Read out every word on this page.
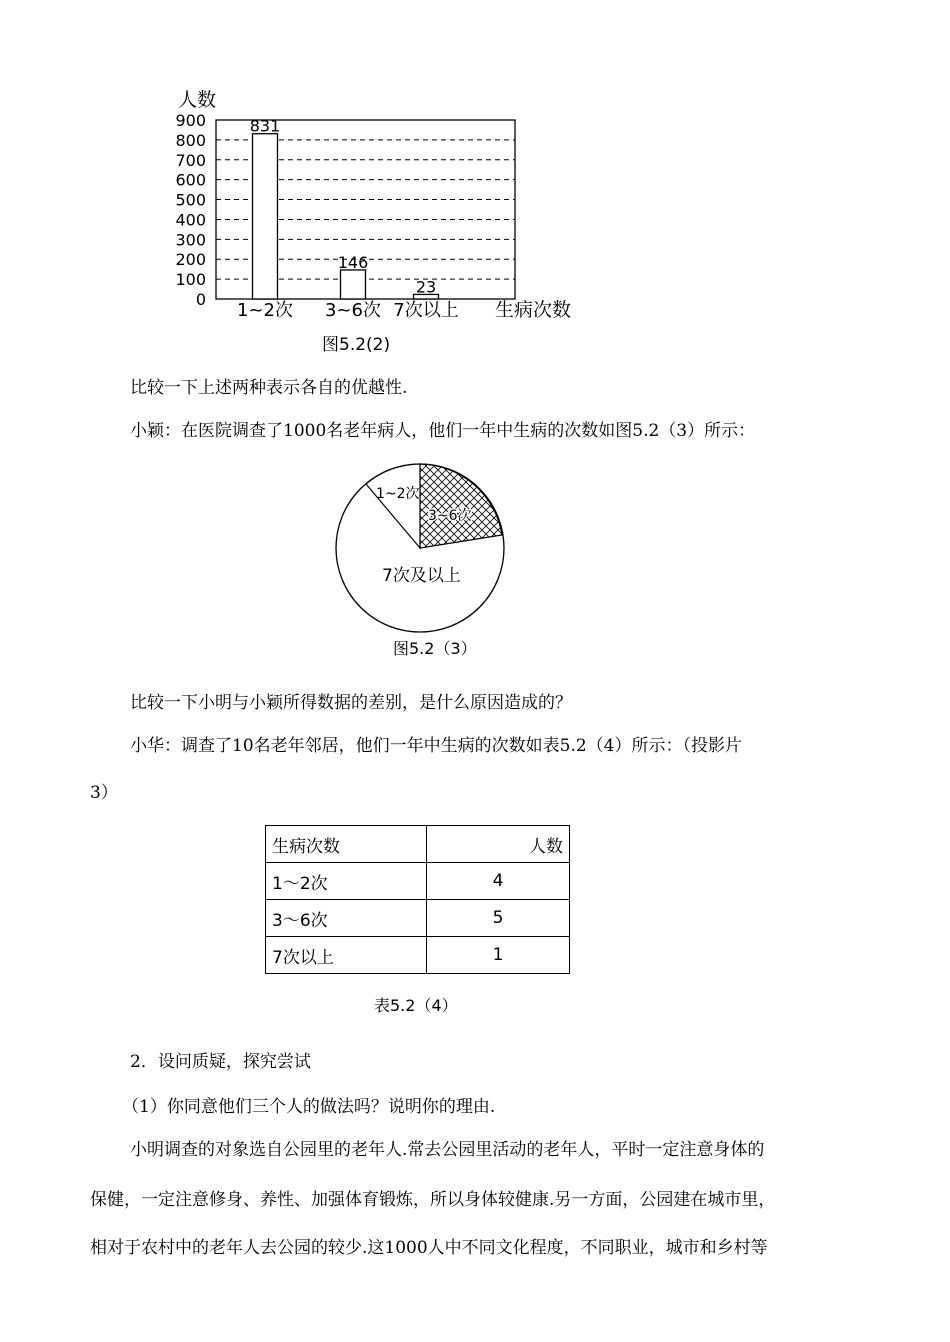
人数
0
100
200
300
400
500
600
700
800
900	831
146
23
1~2次 3~6次 7次以上 生病次数
图5.2(2)
比较一下上述两种表示各自的优越性.
小颖：在医院调查了1000名老年病人，他们一年中生病的次数如图5.2（3）所示：
1~2次
3~6次
7次及以上
图5.2（3）
比较一下小明与小颖所得数据的差别，是什么原因造成的？
小华：调查了10名老年邻居，他们一年中生病的次数如表5.2（4）所示：（投影片
3）
生病次数	人数
1～2次	4
3～6次	5
7次以上	1
表5.2（4）
2．设问质疑，探究尝试
（1）你同意他们三个人的做法吗？说明你的理由.
小明调查的对象选自公园里的老年人.常去公园里活动的老年人，平时一定注意身体的
保健，一定注意修身、养性、加强体育锻炼，所以身体较健康.另一方面，公园建在城市里，
相对于农村中的老年人去公园的较少.这1000人中不同文化程度，不同职业，城市和乡村等
